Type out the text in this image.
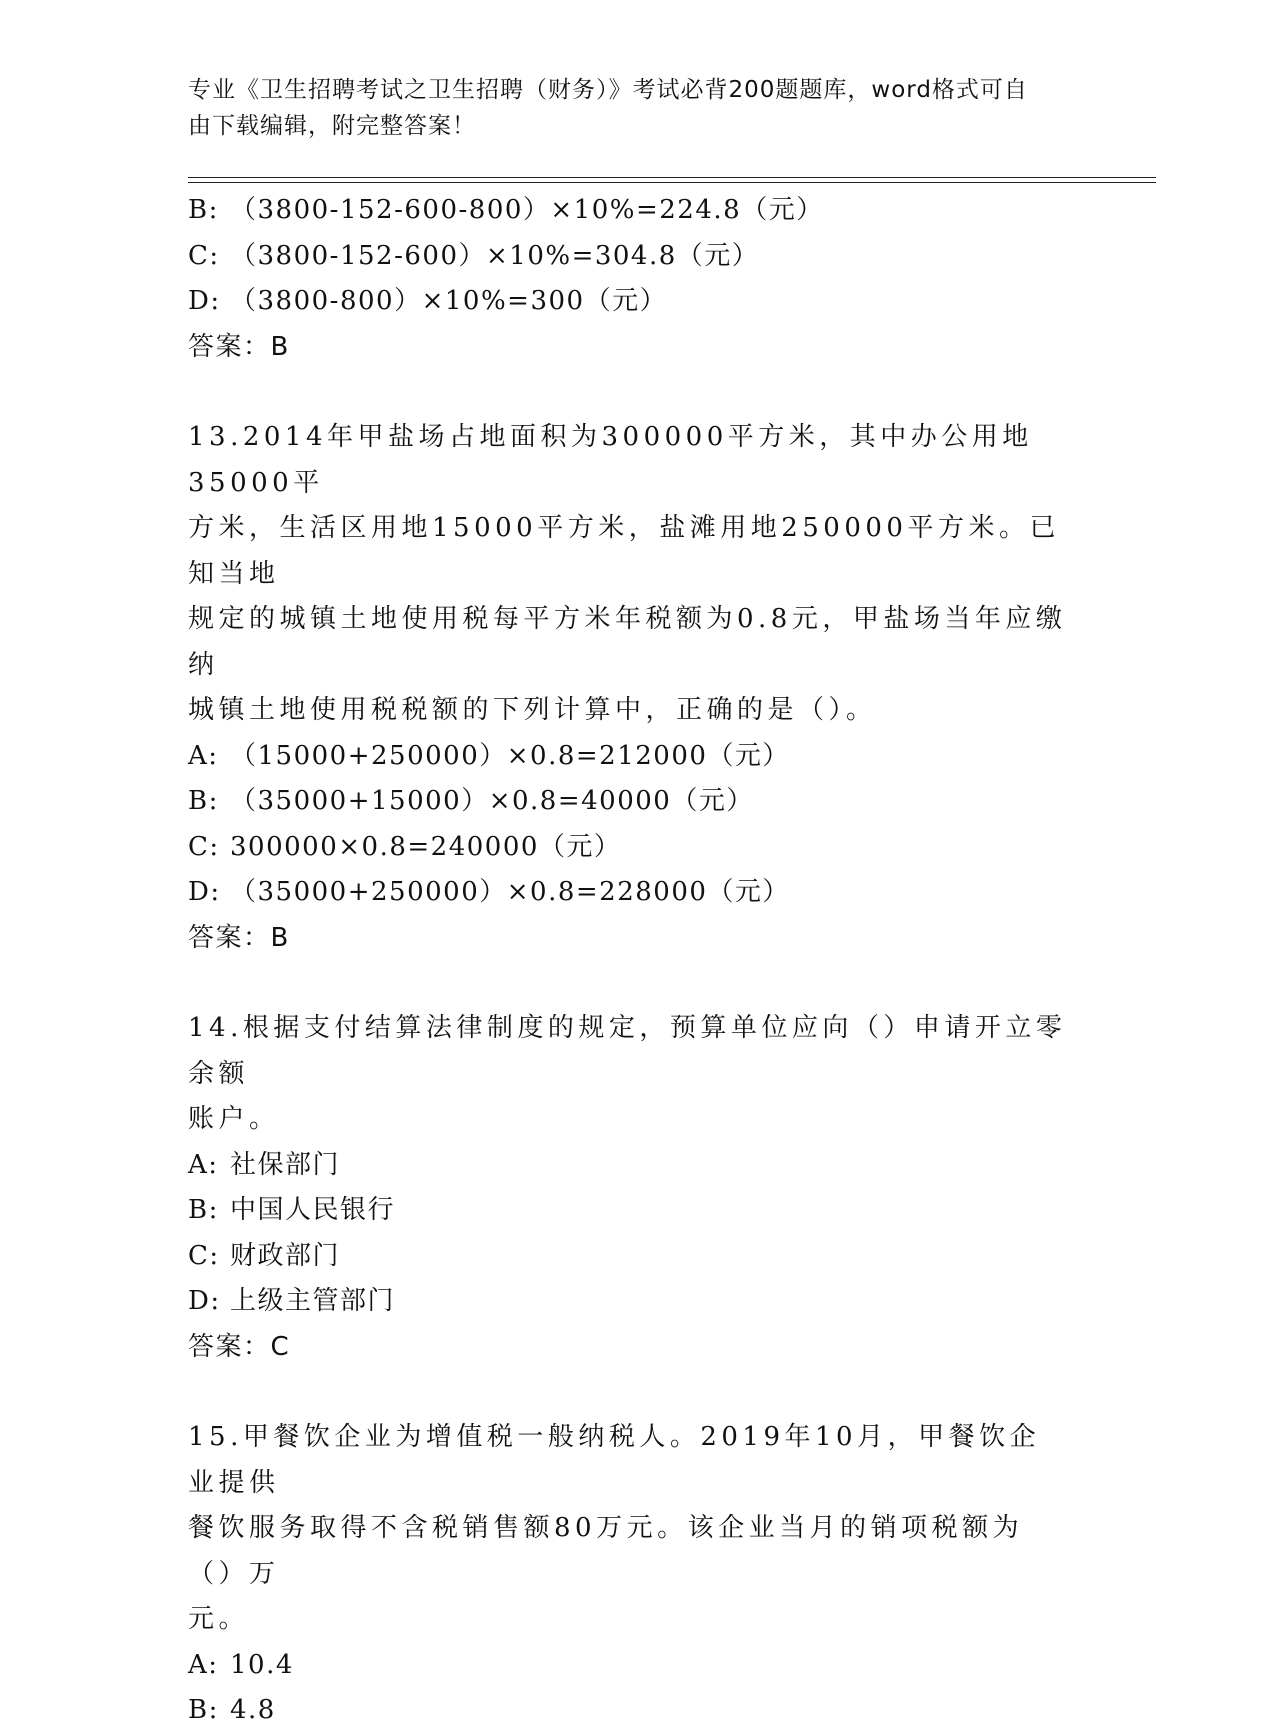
专业《卫生招聘考试之卫生招聘（财务）》考试必背200题题库，word格式可自
由下载编辑，附完整答案！
B: （3800-152-600-800）×10%=224.8（元）
C: （3800-152-600）×10%=304.8（元）
D: （3800-800）×10%=300（元）
答案：B
13.2014年甲盐场占地面积为300000平方米，其中办公用地35000平
方米，生活区用地15000平方米，盐滩用地250000平方米。已知当地
规定的城镇土地使用税每平方米年税额为0.8元，甲盐场当年应缴纳
城镇土地使用税税额的下列计算中，正确的是（）。
A: （15000+250000）×0.8=212000（元）
B: （35000+15000）×0.8=40000（元）
C: 300000×0.8=240000（元）
D: （35000+250000）×0.8=228000（元）
答案：B
14.根据支付结算法律制度的规定，预算单位应向（）申请开立零余额
账户。
A: 社保部门
B: 中国人民银行
C: 财政部门
D: 上级主管部门
答案：C
15.甲餐饮企业为增值税一般纳税人。2019年10月，甲餐饮企业提供
餐饮服务取得不含税销售额80万元。该企业当月的销项税额为（）万
元。
A: 10.4
B: 4.8
